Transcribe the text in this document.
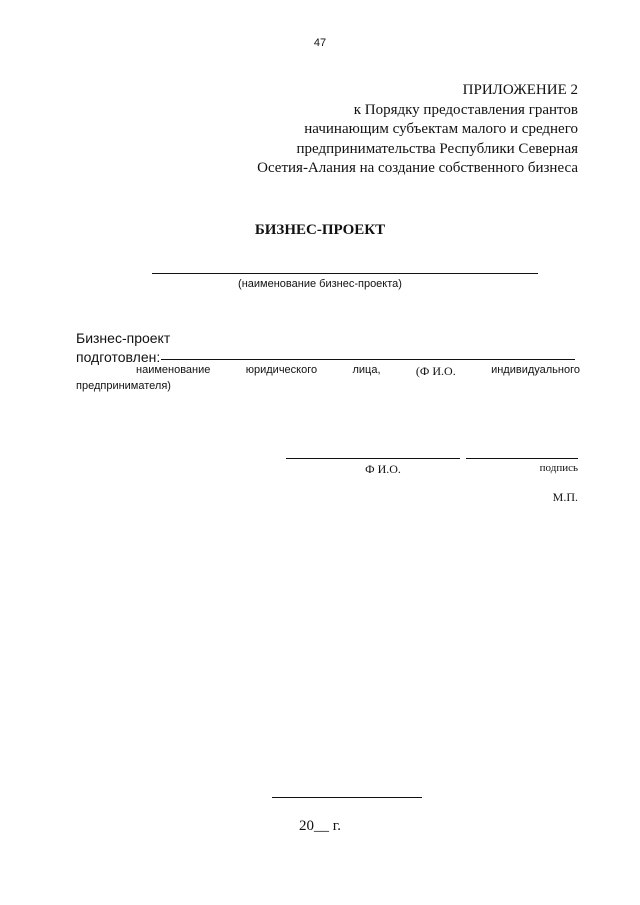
47
ПРИЛОЖЕНИЕ 2
к Порядку предоставления грантов
начинающим субъектам малого и среднего
предпринимательства Республики Северная
Осетия-Алания на создание собственного бизнеса
БИЗНЕС-ПРОЕКТ
(наименование бизнес-проекта)
Бизнес-проект
подготовлен:
наименование	юридического	лица,	(Ф И.О.	индивидуального
предпринимателя)
Ф И.О.	подпись
М.П.
20__ г.
